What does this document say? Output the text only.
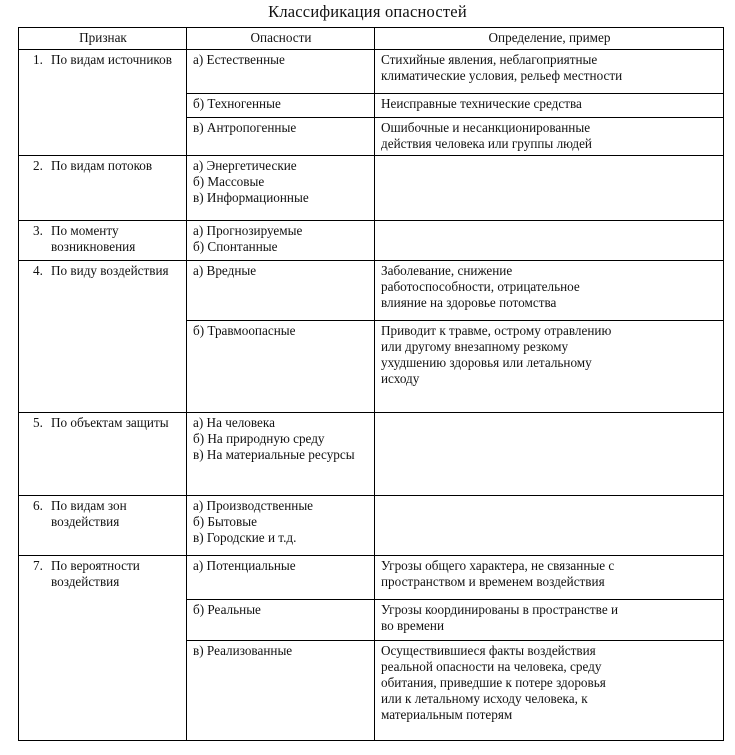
Классификация опасностей
Признак	Опасности	Определение, пример

1. По видам источников	а) Естественные	Стихийные явления, неблагоприятные
климатические условия, рельеф местности

	б) Техногенные	Неисправные технические средства

	в) Антропогенные	Ошибочные и несанкционированные
действия человека или группы людей

2. По видам потоков	а) Энергетические
б) Массовые
в) Информационные	

3. По моменту возникновения	а) Прогнозируемые
б) Спонтанные	

4. По виду воздействия	а) Вредные	Заболевание, снижение
работоспособности, отрицательное
влияние на здоровье потомства

	б) Травмоопасные	Приводит к травме, острому отравлению
или другому внезапному резкому
ухудшению здоровья или летальному
исходу

5. По объектам защиты	а) На человека
б) На природную среду
в) На материальные ресурсы	

6. По видам зон воздействия	а) Производственные
б) Бытовые
в) Городские и т.д.	

7. По вероятности воздействия	а) Потенциальные	Угрозы общего характера, не связанные с
пространством и временем воздействия

	б) Реальные	Угрозы координированы в пространстве и
во времени

	в) Реализованные	Осуществившиеся факты воздействия
реальной опасности на человека, среду
обитания, приведшие к потере здоровья
или к летальному исходу человека, к
материальным потерям
